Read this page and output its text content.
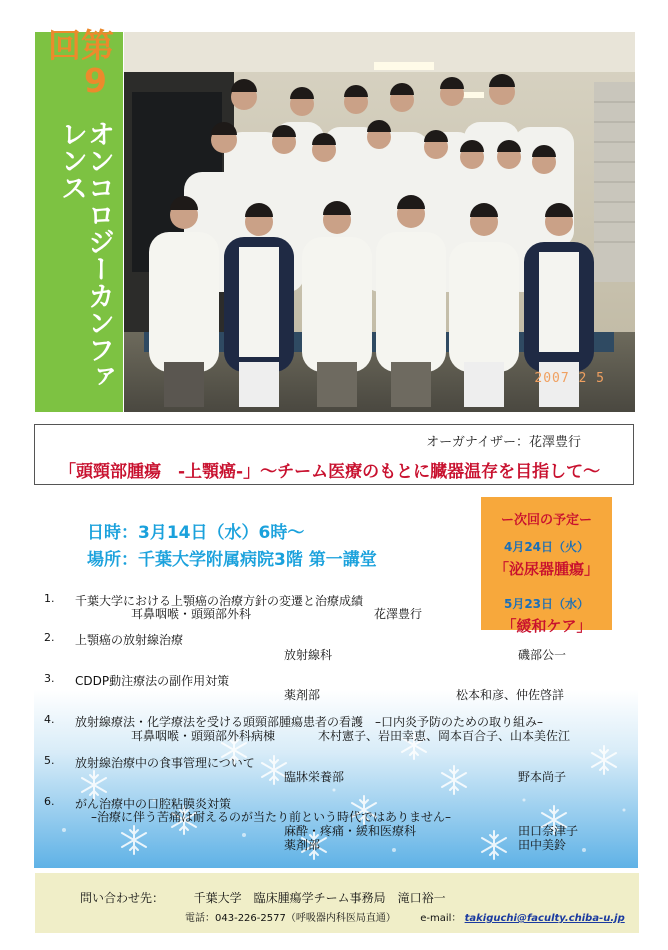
第9回
オンコロジーカンファレンス
2007 2 5
オーガナイザー：花澤豊行
「頭頸部腫瘍　-上顎癌-」～チーム医療のもとに臓器温存を目指して～
日時：3月14日（水）6時～
場所：千葉大学附属病院3階 第一講堂
ー次回の予定ー
4月24日（火）
「泌尿器腫瘍」
5月23日（水）
「緩和ケア」
1. 千葉大学における上顎癌の治療方針の変遷と治療成績
耳鼻咽喉・頭頸部外科	花澤豊行
2. 上顎癌の放射線治療
放射線科	磯部公一
3. CDDP動注療法の副作用対策
薬剤部	松本和彦、仲佐啓詳
4. 放射線療法・化学療法を受ける頭頸部腫瘍患者の看護　–口内炎予防のための取り組み–
耳鼻咽喉・頭頸部外科病棟	木村憲子、岩田幸恵、岡本百合子、山本美佐江
5. 放射線治療中の食事管理について
臨牀栄養部	野本尚子
6. がん治療中の口腔粘膜炎対策
–治療に伴う苦痛は耐えるのが当たり前という時代ではありません–
麻酔・疼痛・緩和医療科	田口奈津子
薬剤部	田中美鈴
問い合わせ先： 千葉大学　臨床腫瘍学チーム事務局　滝口裕一
電話：043-226-2577（呼吸器内科医局直通） e-mail： takiguchi@faculty.chiba-u.jp
